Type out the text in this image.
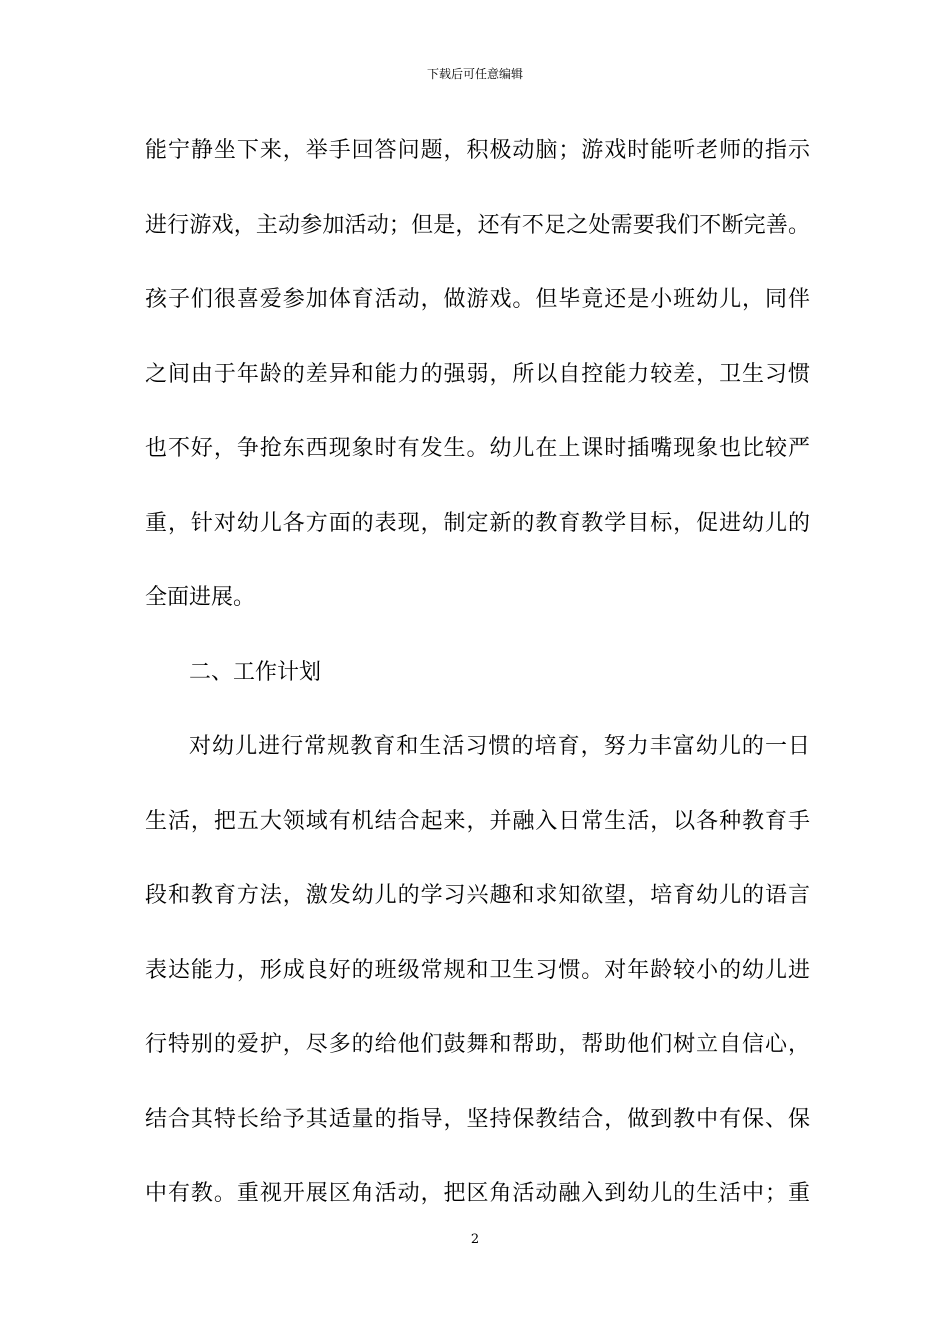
下载后可任意编辑
能宁静坐下来，举手回答问题，积极动脑；游戏时能听老师的指示
进行游戏，主动参加活动；但是，还有不足之处需要我们不断完善。
孩子们很喜爱参加体育活动，做游戏。但毕竟还是小班幼儿，同伴
之间由于年龄的差异和能力的强弱，所以自控能力较差，卫生习惯
也不好，争抢东西现象时有发生。幼儿在上课时插嘴现象也比较严
重，针对幼儿各方面的表现，制定新的教育教学目标，促进幼儿的
全面进展。
二、工作计划
对幼儿进行常规教育和生活习惯的培育，努力丰富幼儿的一日
生活，把五大领域有机结合起来，并融入日常生活，以各种教育手
段和教育方法，激发幼儿的学习兴趣和求知欲望，培育幼儿的语言
表达能力，形成良好的班级常规和卫生习惯。对年龄较小的幼儿进
行特别的爱护，尽多的给他们鼓舞和帮助，帮助他们树立自信心，
结合其特长给予其适量的指导，坚持保教结合，做到教中有保、保
中有教。重视开展区角活动，把区角活动融入到幼儿的生活中；重
2
